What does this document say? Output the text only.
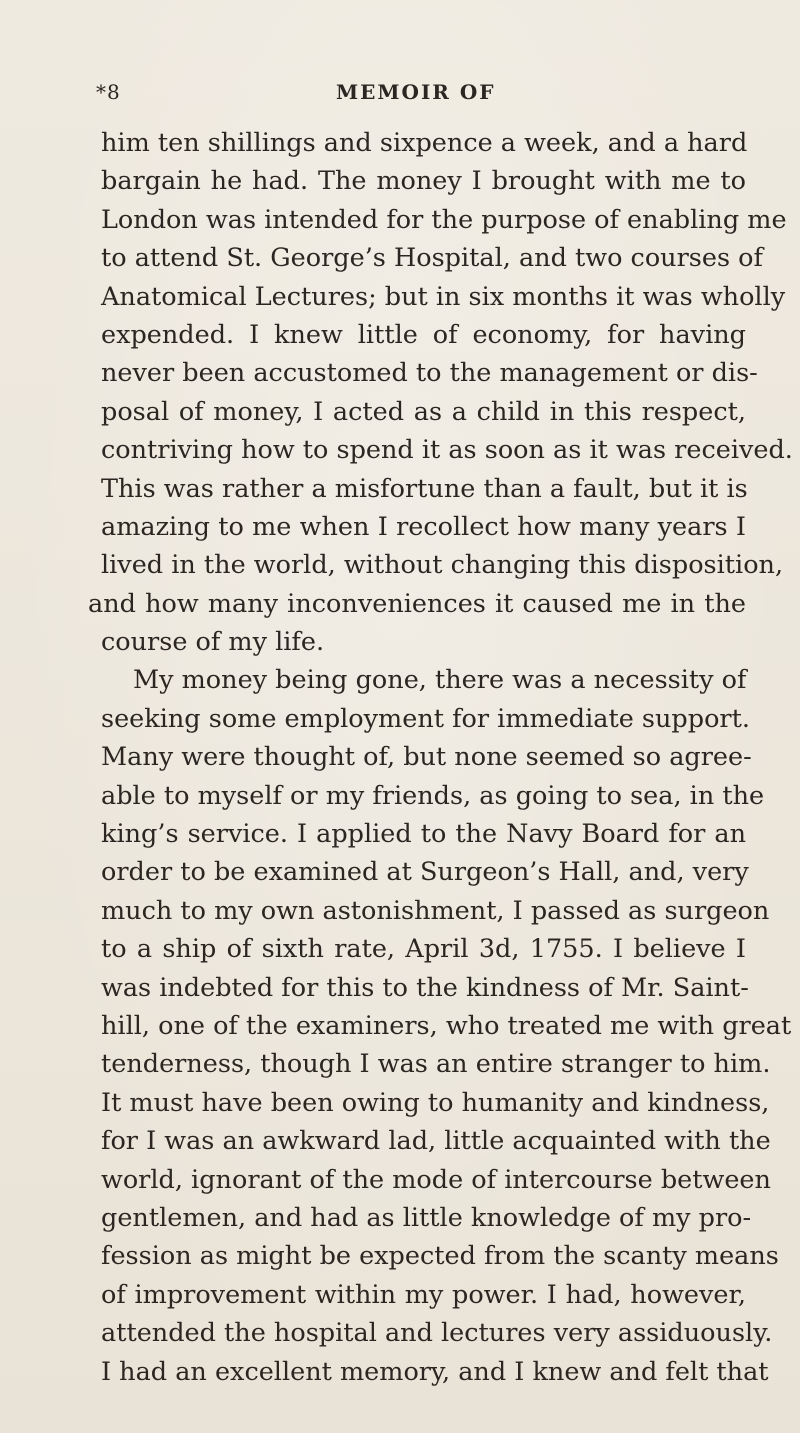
*8	MEMOIR OF
him ten shillings and sixpence a week, and a hard
bargain he had. The money I brought with me to
London was intended for the purpose of enabling me
to attend St. George’s Hospital, and two courses of
Anatomical Lectures; but in six months it was wholly
expended. I knew little of economy, for having
never been accustomed to the management or dis-
posal of money, I acted as a child in this respect,
contriving how to spend it as soon as it was received.
This was rather a misfortune than a fault, but it is
amazing to me when I recollect how many years I
lived in the world, without changing this disposition,
and how many inconveniences it caused me in the
course of my life.
My money being gone, there was a necessity of
seeking some employment for immediate support.
Many were thought of, but none seemed so agree-
able to myself or my friends, as going to sea, in the
king’s service. I applied to the Navy Board for an
order to be examined at Surgeon’s Hall, and, very
much to my own astonishment, I passed as surgeon
to a ship of sixth rate, April 3d, 1755. I believe I
was indebted for this to the kindness of Mr. Saint-
hill, one of the examiners, who treated me with great
tenderness, though I was an entire stranger to him.
It must have been owing to humanity and kindness,
for I was an awkward lad, little acquainted with the
world, ignorant of the mode of intercourse between
gentlemen, and had as little knowledge of my pro-
fession as might be expected from the scanty means
of improvement within my power. I had, however,
attended the hospital and lectures very assiduously.
I had an excellent memory, and I knew and felt that
